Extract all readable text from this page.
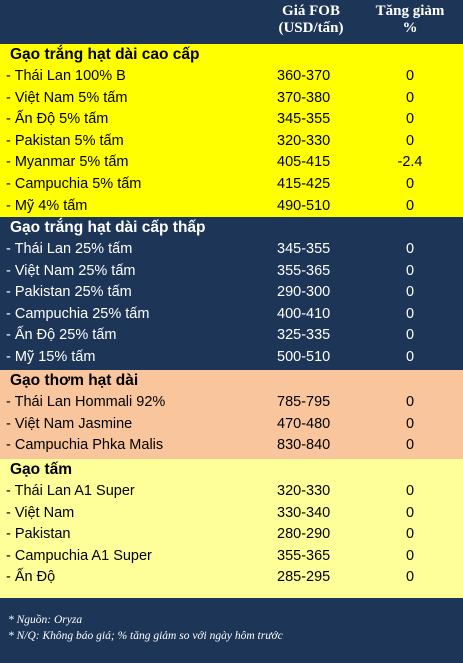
Giá FOB
(USD/tấn)
Tăng giảm
%
Gạo trắng hạt dài cao cấp
- Thái Lan 100% B	360-370	0
- Việt Nam 5% tấm	370-380	0
- Ấn Độ 5% tấm	345-355	0
- Pakistan 5% tấm	320-330	0
- Myanmar 5% tấm	405-415	-2.4
- Campuchia 5% tấm	415-425	0
- Mỹ 4% tấm	490-510	0
Gạo trắng hạt dài cấp thấp
- Thái Lan 25% tấm	345-355	0
- Việt Nam 25% tấm	355-365	0
- Pakistan 25% tấm	290-300	0
- Campuchia 25% tấm	400-410	0
- Ấn Độ 25% tấm	325-335	0
- Mỹ 15% tấm	500-510	0
Gạo thơm hạt dài
- Thái Lan Hommali 92%	785-795	0
- Việt Nam Jasmine	470-480	0
- Campuchia Phka Malis	830-840	0
Gạo tấm
- Thái Lan A1 Super	320-330	0
- Việt Nam	330-340	0
- Pakistan	280-290	0
- Campuchia A1 Super	355-365	0
- Ấn Độ	285-295	0
* Nguồn: Oryza
* N/Q: Không báo giá; % tăng giảm so với ngày hôm trước
